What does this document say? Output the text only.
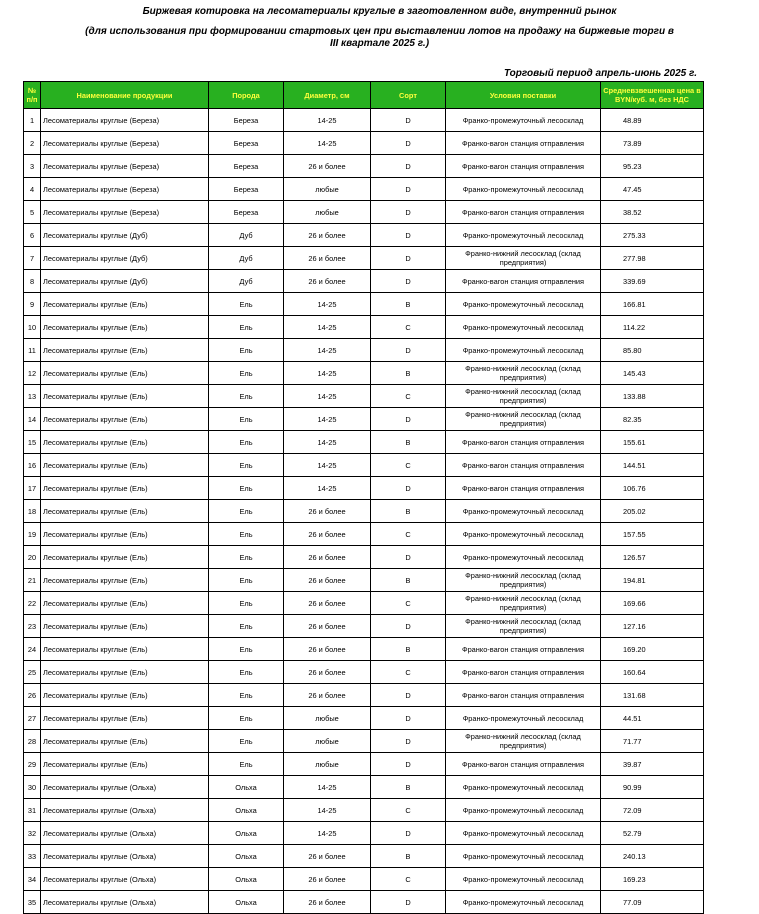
Биржевая котировка на лесоматериалы круглые в заготовленном виде, внутренний рынок
(для использования при формировании стартовых цен при выставлении лотов на продажу на биржевые торги в
III квартале 2025 г.)
Торговый период апрель-июнь 2025 г.
№ п/п	Наименование продукции	Порода	Диаметр, см	Сорт	Условия поставки	Средневзвешенная цена в BYN/куб. м, без НДС
1	Лесоматериалы круглые (Береза)	Береза	14-25	D	Франко-промежуточный лесосклад	48.89
2	Лесоматериалы круглые (Береза)	Береза	14-25	D	Франко-вагон станция отправления	73.89
3	Лесоматериалы круглые (Береза)	Береза	26 и более	D	Франко-вагон станция отправления	95.23
4	Лесоматериалы круглые (Береза)	Береза	любые	D	Франко-промежуточный лесосклад	47.45
5	Лесоматериалы круглые (Береза)	Береза	любые	D	Франко-вагон станция отправления	38.52
6	Лесоматериалы круглые (Дуб)	Дуб	26 и более	D	Франко-промежуточный лесосклад	275.33
7	Лесоматериалы круглые (Дуб)	Дуб	26 и более	D	Франко-нижний лесосклад (склад предприятия)	277.98
8	Лесоматериалы круглые (Дуб)	Дуб	26 и более	D	Франко-вагон станция отправления	339.69
9	Лесоматериалы круглые (Ель)	Ель	14-25	B	Франко-промежуточный лесосклад	166.81
10	Лесоматериалы круглые (Ель)	Ель	14-25	C	Франко-промежуточный лесосклад	114.22
11	Лесоматериалы круглые (Ель)	Ель	14-25	D	Франко-промежуточный лесосклад	85.80
12	Лесоматериалы круглые (Ель)	Ель	14-25	B	Франко-нижний лесосклад (склад предприятия)	145.43
13	Лесоматериалы круглые (Ель)	Ель	14-25	C	Франко-нижний лесосклад (склад предприятия)	133.88
14	Лесоматериалы круглые (Ель)	Ель	14-25	D	Франко-нижний лесосклад (склад предприятия)	82.35
15	Лесоматериалы круглые (Ель)	Ель	14-25	B	Франко-вагон станция отправления	155.61
16	Лесоматериалы круглые (Ель)	Ель	14-25	C	Франко-вагон станция отправления	144.51
17	Лесоматериалы круглые (Ель)	Ель	14-25	D	Франко-вагон станция отправления	106.76
18	Лесоматериалы круглые (Ель)	Ель	26 и более	B	Франко-промежуточный лесосклад	205.02
19	Лесоматериалы круглые (Ель)	Ель	26 и более	C	Франко-промежуточный лесосклад	157.55
20	Лесоматериалы круглые (Ель)	Ель	26 и более	D	Франко-промежуточный лесосклад	126.57
21	Лесоматериалы круглые (Ель)	Ель	26 и более	B	Франко-нижний лесосклад (склад предприятия)	194.81
22	Лесоматериалы круглые (Ель)	Ель	26 и более	C	Франко-нижний лесосклад (склад предприятия)	169.66
23	Лесоматериалы круглые (Ель)	Ель	26 и более	D	Франко-нижний лесосклад (склад предприятия)	127.16
24	Лесоматериалы круглые (Ель)	Ель	26 и более	B	Франко-вагон станция отправления	169.20
25	Лесоматериалы круглые (Ель)	Ель	26 и более	C	Франко-вагон станция отправления	160.64
26	Лесоматериалы круглые (Ель)	Ель	26 и более	D	Франко-вагон станция отправления	131.68
27	Лесоматериалы круглые (Ель)	Ель	любые	D	Франко-промежуточный лесосклад	44.51
28	Лесоматериалы круглые (Ель)	Ель	любые	D	Франко-нижний лесосклад (склад предприятия)	71.77
29	Лесоматериалы круглые (Ель)	Ель	любые	D	Франко-вагон станция отправления	39.87
30	Лесоматериалы круглые (Ольха)	Ольха	14-25	B	Франко-промежуточный лесосклад	90.99
31	Лесоматериалы круглые (Ольха)	Ольха	14-25	C	Франко-промежуточный лесосклад	72.09
32	Лесоматериалы круглые (Ольха)	Ольха	14-25	D	Франко-промежуточный лесосклад	52.79
33	Лесоматериалы круглые (Ольха)	Ольха	26 и более	B	Франко-промежуточный лесосклад	240.13
34	Лесоматериалы круглые (Ольха)	Ольха	26 и более	C	Франко-промежуточный лесосклад	169.23
35	Лесоматериалы круглые (Ольха)	Ольха	26 и более	D	Франко-промежуточный лесосклад	77.09
